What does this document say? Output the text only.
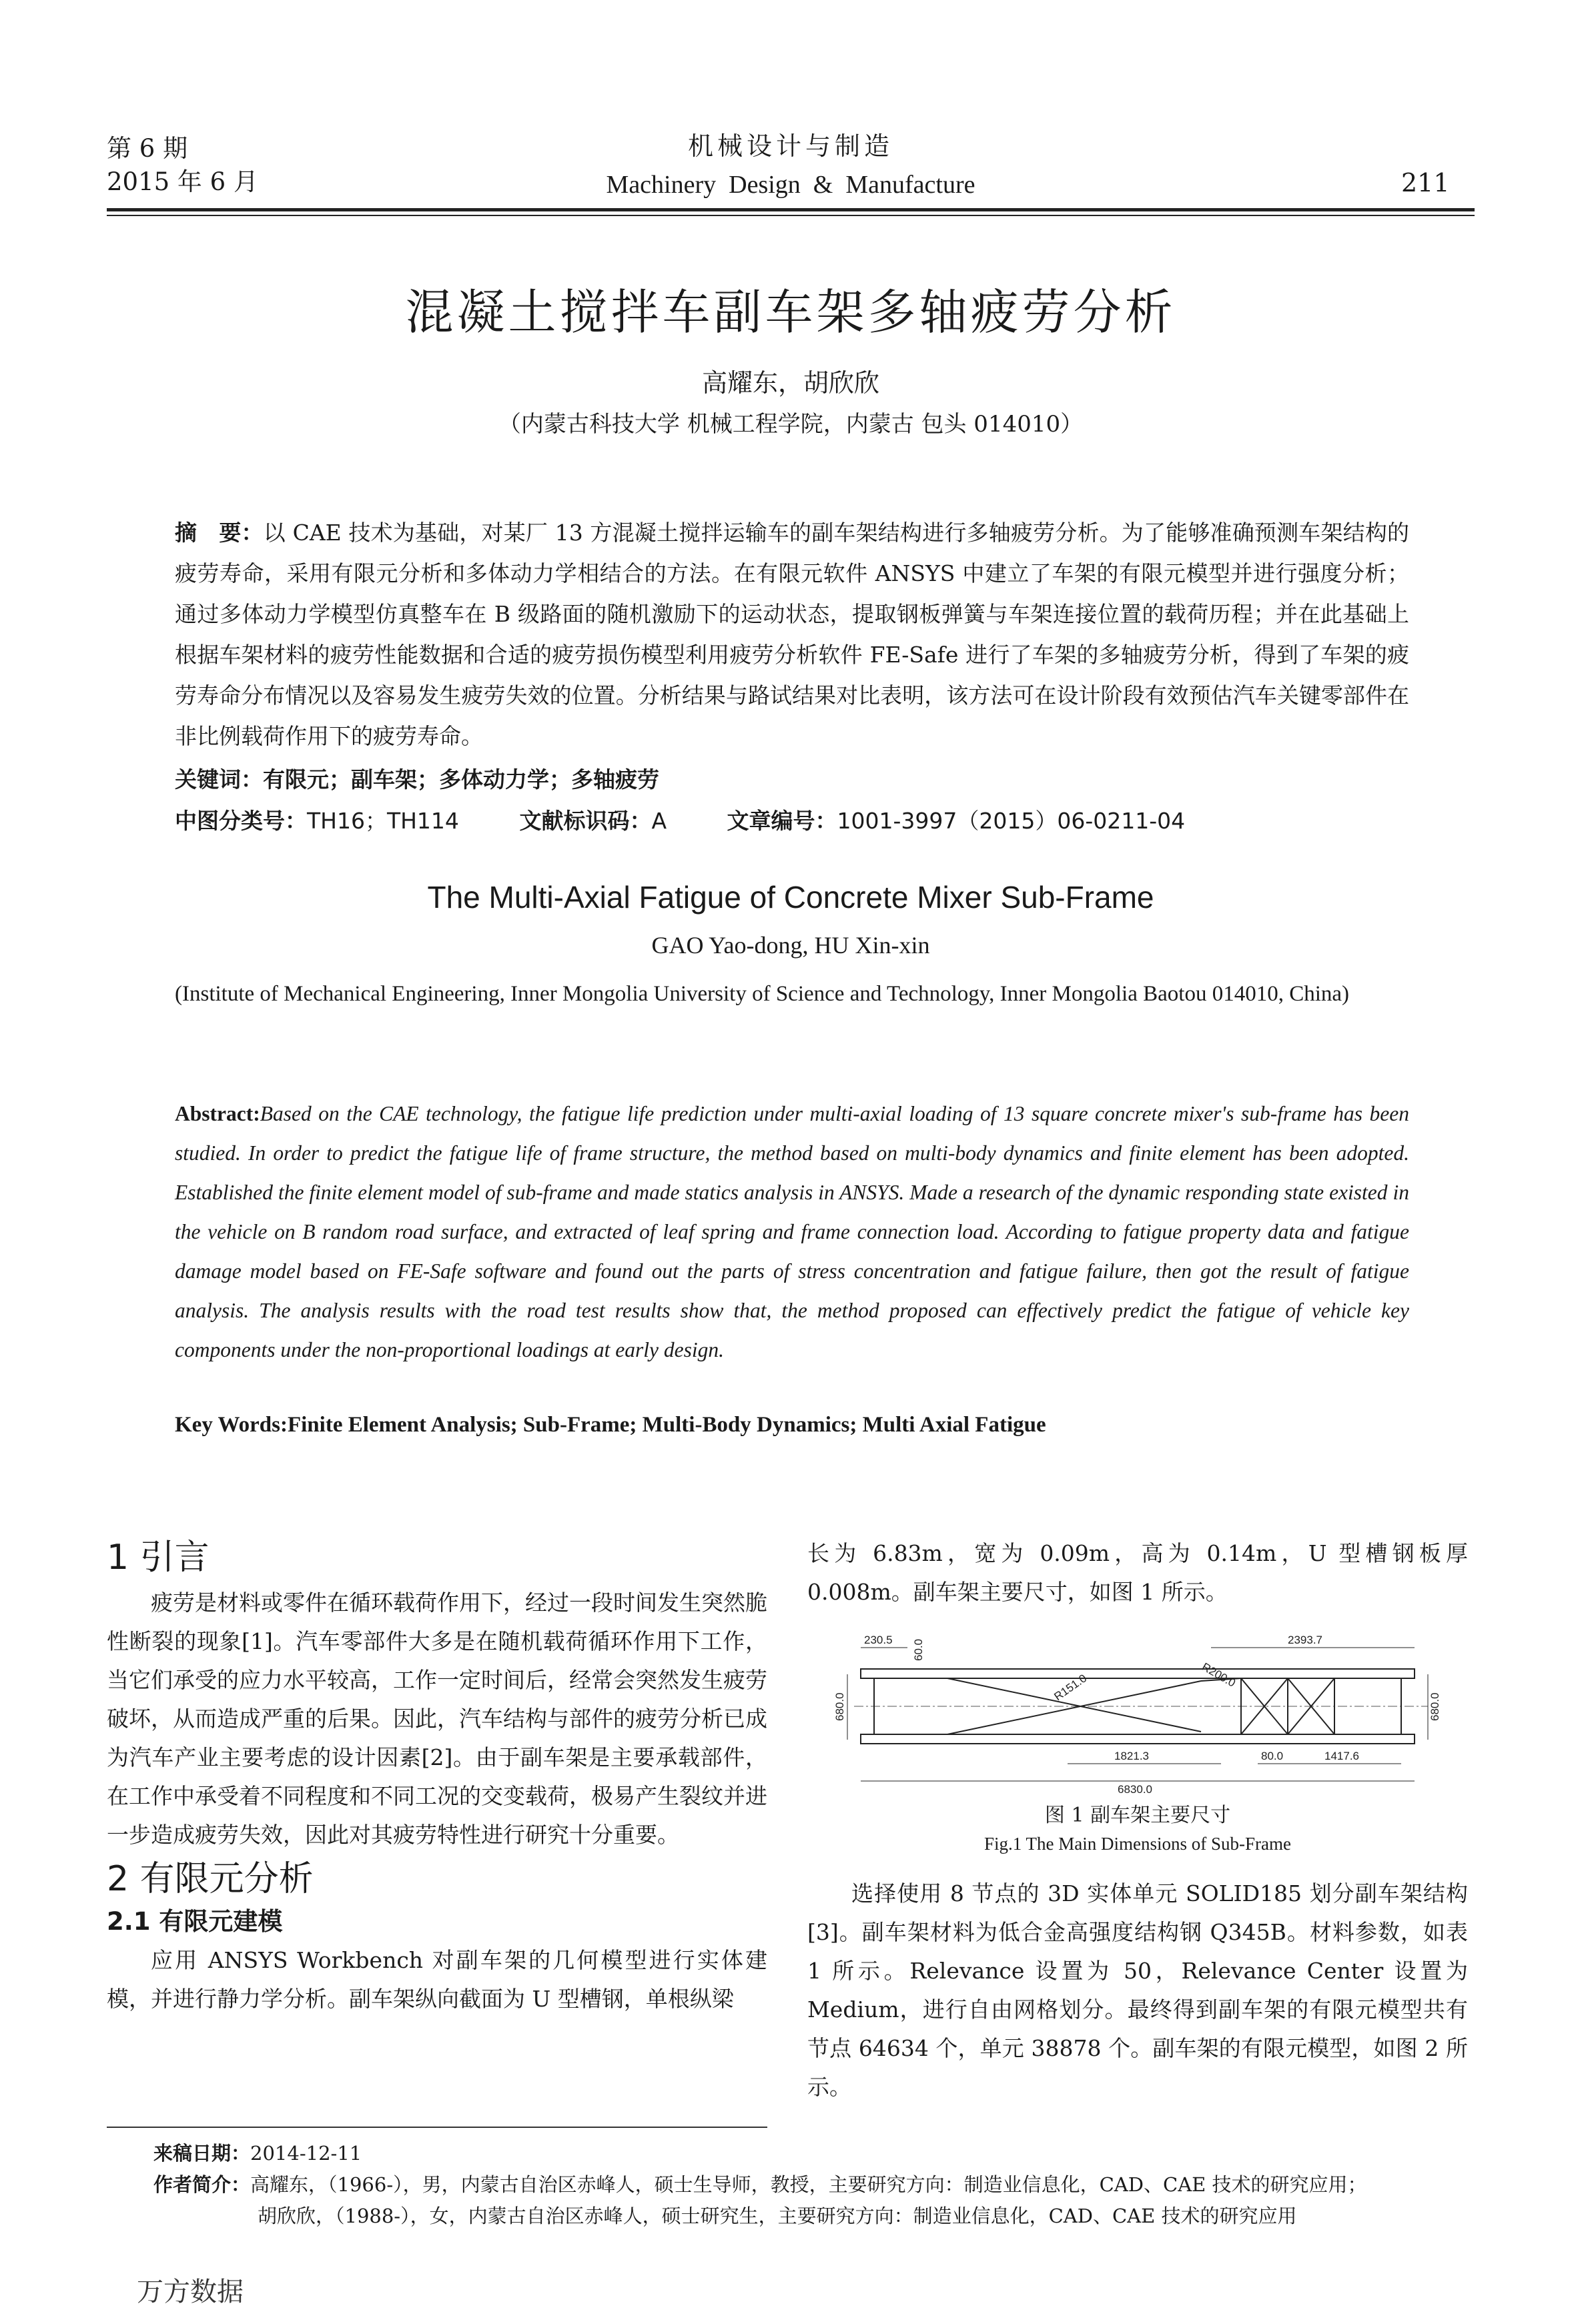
第 6 期
2015 年 6 月
机械设计与制造
Machinery  Design  &  Manufacture	211
混凝土搅拌车副车架多轴疲劳分析
高耀东，胡欣欣
（内蒙古科技大学 机械工程学院，内蒙古 包头 014010）
摘　要：以 CAE 技术为基础，对某厂 13 方混凝土搅拌运输车的副车架结构进行多轴疲劳分析。为了能够准确预测车架结构的疲劳寿命，采用有限元分析和多体动力学相结合的方法。在有限元软件 ANSYS 中建立了车架的有限元模型并进行强度分析；通过多体动力学模型仿真整车在 B 级路面的随机激励下的运动状态，提取钢板弹簧与车架连接位置的载荷历程；并在此基础上根据车架材料的疲劳性能数据和合适的疲劳损伤模型利用疲劳分析软件 FE-Safe 进行了车架的多轴疲劳分析，得到了车架的疲劳寿命分布情况以及容易发生疲劳失效的位置。分析结果与路试结果对比表明，该方法可在设计阶段有效预估汽车关键零部件在非比例载荷作用下的疲劳寿命。
关键词：有限元；副车架；多体动力学；多轴疲劳
中图分类号：TH16；TH114	文献标识码：A	文章编号：1001-3997（2015）06-0211-04
The Multi-Axial Fatigue of Concrete Mixer Sub-Frame
GAO Yao-dong, HU Xin-xin
(Institute of Mechanical Engineering, Inner Mongolia University of Science and Technology, Inner Mongolia Baotou 014010, China)
Abstract:Based on the CAE technology, the fatigue life prediction under multi-axial loading of 13 square concrete mixer's sub-frame has been studied. In order to predict the fatigue life of frame structure, the method based on multi-body dynamics and finite element has been adopted. Established the finite element model of sub-frame and made statics analysis in ANSYS. Made a research of the dynamic responding state existed in the vehicle on B random road surface, and extracted of leaf spring and frame connection load. According to fatigue property data and fatigue damage model based on FE-Safe software and found out the parts of stress concentration and fatigue failure, then got the result of fatigue analysis. The analysis results with the road test results show that, the method proposed can effectively predict the fatigue of vehicle key components under the non-proportional loadings at early design.
Key Words:Finite Element Analysis; Sub-Frame; Multi-Body Dynamics; Multi Axial Fatigue
1 引言

疲劳是材料或零件在循环载荷作用下，经过一段时间发生突然脆性断裂的现象[1]。汽车零部件大多是在随机载荷循环作用下工作，当它们承受的应力水平较高，工作一定时间后，经常会突然发生疲劳破坏，从而造成严重的后果。因此，汽车结构与部件的疲劳分析已成为汽车产业主要考虑的设计因素[2]。由于副车架是主要承载部件，在工作中承受着不同程度和不同工况的交变载荷，极易产生裂纹并进一步造成疲劳失效，因此对其疲劳特性进行研究十分重要。

2 有限元分析
2.1 有限元建模

应用 ANSYS Workbench 对副车架的几何模型进行实体建模，并进行静力学分析。副车架纵向截面为 U 型槽钢，单根纵梁

长为 6.83m，宽为 0.09m，高为 0.14m，U 型槽钢板厚 0.008m。副车架主要尺寸，如图 1 所示。

230.5 60.0	2393.7
680.0
R151.0	R200.0
1821.3	80.0	1417.6
6830.0
680.0
图 1 副车架主要尺寸
Fig.1 The Main Dimensions of Sub-Frame

选择使用 8 节点的 3D 实体单元 SOLID185 划分副车架结构[3]。副车架材料为低合金高强度结构钢 Q345B。材料参数，如表 1 所示。Relevance 设置为 50，Relevance Center 设置为 Medium，进行自由网格划分。最终得到副车架的有限元模型共有节点 64634 个，单元 38878 个。副车架的有限元模型，如图 2 所示。

来稿日期：2014-12-11
作者简介：高耀东，（1966-），男，内蒙古自治区赤峰人，硕士生导师，教授，主要研究方向：制造业信息化，CAD、CAE 技术的研究应用；
胡欣欣，（1988-），女，内蒙古自治区赤峰人，硕士研究生，主要研究方向：制造业信息化，CAD、CAE 技术的研究应用
万方数据
